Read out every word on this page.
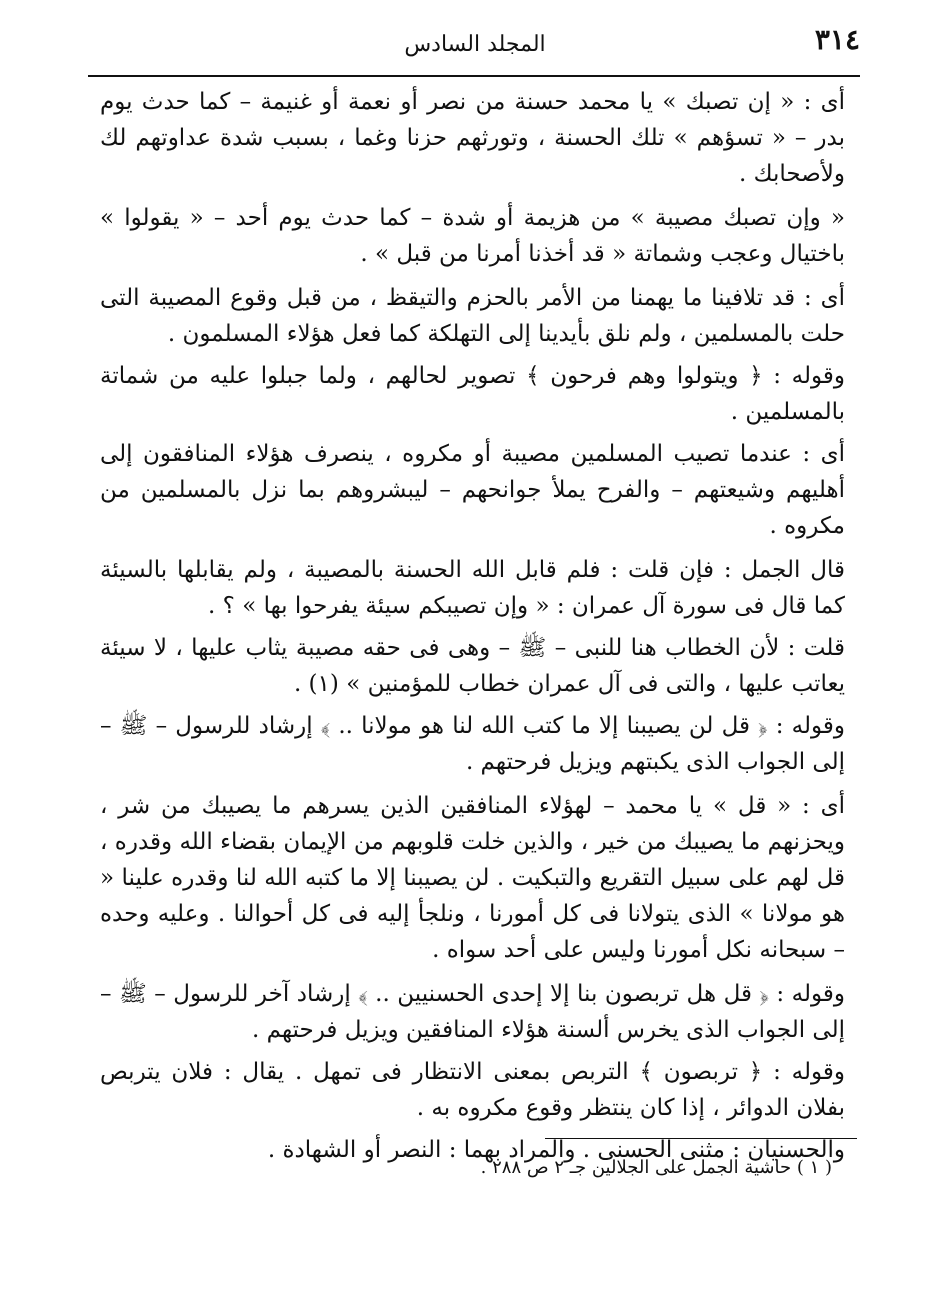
٣١٤
المجلد السادس

أى : « إن تصبك » يا محمد حسنة من نصر أو نعمة أو غنيمة – كما حدث يوم بدر – « تسؤهم » تلك الحسنة ، وتورثهم حزنا وغما ، بسبب شدة عداوتهم لك ولأصحابك .

« وإن تصبك مصيبة » من هزيمة أو شدة – كما حدث يوم أحد – « يقولوا » باختيال وعجب وشماتة « قد أخذنا أمرنا من قبل » .

أى : قد تلافينا ما يهمنا من الأمر بالحزم والتيقظ ، من قبل وقوع المصيبة التى حلت بالمسلمين ، ولم نلق بأيدينا إلى التهلكة كما فعل هؤلاء المسلمون .

وقوله : ﴿ ويتولوا وهم فرحون ﴾ تصوير لحالهم ، ولما جبلوا عليه من شماتة بالمسلمين .

أى : عندما تصيب المسلمين مصيبة أو مكروه ، ينصرف هؤلاء المنافقون إلى أهليهم وشيعتهم – والفرح يملأ جوانحهم – ليبشروهم بما نزل بالمسلمين من مكروه .

قال الجمل : فإن قلت : فلم قابل الله الحسنة بالمصيبة ، ولم يقابلها بالسيئة كما قال فى سورة آل عمران : « وإن تصيبكم سيئة يفرحوا بها » ؟ .

قلت : لأن الخطاب هنا للنبى – ﷺ – وهى فى حقه مصيبة يثاب عليها ، لا سيئة يعاتب عليها ، والتى فى آل عمران خطاب للمؤمنين » (١) .

وقوله : ﴿ قل لن يصيبنا إلا ما كتب الله لنا هو مولانا .. ﴾ إرشاد للرسول – ﷺ – إلى الجواب الذى يكبتهم ويزيل فرحتهم .

أى : « قل » يا محمد – لهؤلاء المنافقين الذين يسرهم ما يصيبك من شر ، ويحزنهم ما يصيبك من خير ، والذين خلت قلوبهم من الإيمان بقضاء الله وقدره ، قل لهم على سبيل التقريع والتبكيت . لن يصيبنا إلا ما كتبه الله لنا وقدره علينا « هو مولانا » الذى يتولانا فى كل أمورنا ، ونلجأ إليه فى كل أحوالنا . وعليه وحده – سبحانه نكل أمورنا وليس على أحد سواه .

وقوله : ﴿ قل هل تربصون بنا إلا إحدى الحسنيين .. ﴾ إرشاد آخر للرسول – ﷺ – إلى الجواب الذى يخرس ألسنة هؤلاء المنافقين ويزيل فرحتهم .

وقوله : ﴿ تربصون ﴾ التربص بمعنى الانتظار فى تمهل . يقال : فلان يتربص بفلان الدوائر ، إذا كان ينتظر وقوع مكروه به .

والحسنيان : مثنى الحسنى . والمراد بهما : النصر أو الشهادة .

( ١ ) حاشية الجمل على الجلالين جـ ٢ ص ٢٨٨ .
